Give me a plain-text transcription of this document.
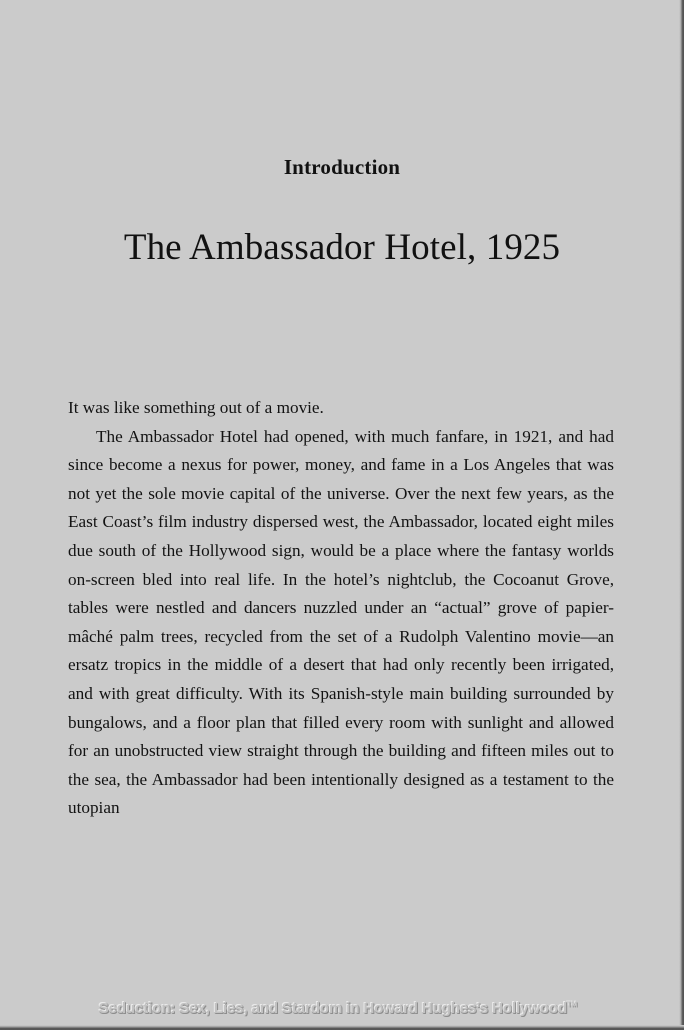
Introduction
The Ambassador Hotel, 1925

It was like something out of a movie.

The Ambassador Hotel had opened, with much fanfare, in 1921, and had since become a nexus for power, money, and fame in a Los Angeles that was not yet the sole movie capital of the universe. Over the next few years, as the East Coast’s film industry dispersed west, the Ambassador, located eight miles due south of the Hollywood sign, would be a place where the fantasy worlds on-screen bled into real life. In the hotel’s nightclub, the Cocoanut Grove, tables were nestled and dancers nuzzled under an “actual” grove of papier-mâché palm trees, recycled from the set of a Rudolph Valentino movie—an ersatz tropics in the middle of a desert that had only recently been irrigated, and with great difficulty. With its Spanish-style main building surrounded by bungalows, and a floor plan that filled every room with sunlight and allowed for an unobstructed view straight through the building and fifteen miles out to the sea, the Ambassador had been intentionally designed as a testament to the utopian

Seduction: Sex, Lies, and Stardom in Howard Hughes’s Hollywood™
